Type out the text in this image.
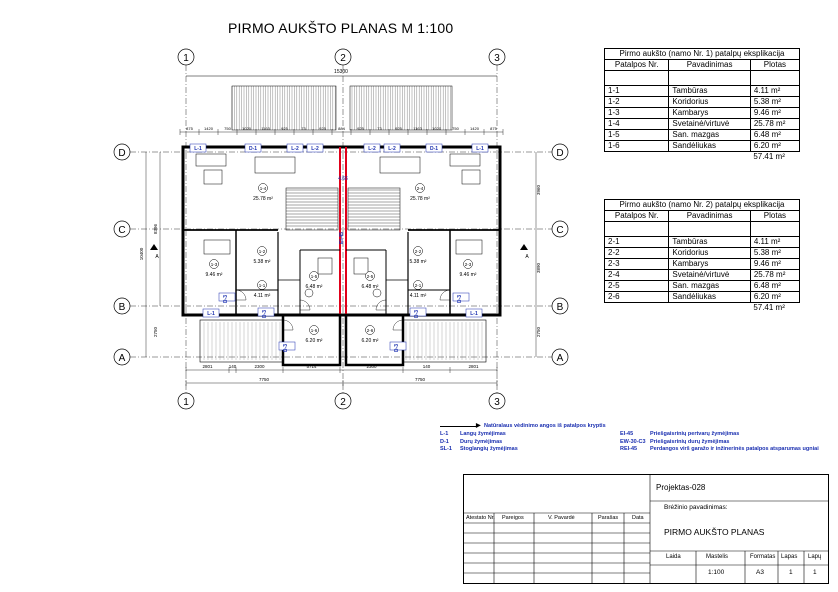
PIRMO AUKŠTO PLANAS M 1:100
1
1
2
2
3
3
D	D
C	C
B	B
A	A
15300
875	1420	750	1020	1163	925	73	925	884	925	73	925	1163	1020	750	1420	875
1-4
25.78 m²
2-4
25.78 m²
1-2
5.38 m²
2-2
5.38 m²
1-3
9.46 m²
2-3
9.46 m²
1-1
4.11 m²
2-1
4.11 m²
1-5
6.48 m²
2-5
6.48 m²
1-6
6.20 m²
2-6
6.20 m²
L-1	D-1	L-2	L-2	L-2	L-2	D-1	L-1
L-1	L-1
D-3	D-3
D-3	D-3
D-3	D-3
EI-45
4.66
2801	140	2300	5714	2300	140	2801
7750	7750
10400
8396
2750
3960
3890
2750
A	A
Pirmo aukšto (namo Nr. 1) patalpų eksplikacija		
Patalpos Nr.	Pavadinimas	Plotas

1-1	Tambūras	4.11 m²
1-2	Koridorius	5.38 m²
1-3	Kambarys	9.46 m²
1-4	Svetainė/virtuvė	25.78 m²
1-5	San. mazgas	6.48 m²
1-6	Sandėliukas	6.20 m²
		57.41 m²
Pirmo aukšto (namo Nr. 2) patalpų eksplikacija		
Patalpos Nr.	Pavadinimas	Plotas

2-1	Tambūras	4.11 m²
2-2	Koridorius	5.38 m²
2-3	Kambarys	9.46 m²
2-4	Svetainė/virtuvė	25.78 m²
2-5	San. mazgas	6.48 m²
2-6	Sandėliukas	6.20 m²
		57.41 m²
▶ Natūralaus vėdinimo angos iš patalpos kryptis
L-1 Langų žymėjimas
D-1 Durų žymėjimas
SL-1 Stoglangių žymėjimas
EI-45	Priešgaisrinių pertvarų žymėjimas
EW-30-C3 Priešgaisrinių durų žymėjimas
REI-45 Perdangos virš garažo ir inžinerinės patalpos atsparumas ugniai
Projektas-028
Brėžinio pavadinimas:
PIRMO AUKŠTO PLANAS
Atestato Nr. Pareigos	V. Pavardė	Parašas	Data
Laida	Mastelis	Formatas Lapas Lapų
1:100	A3	1	1
